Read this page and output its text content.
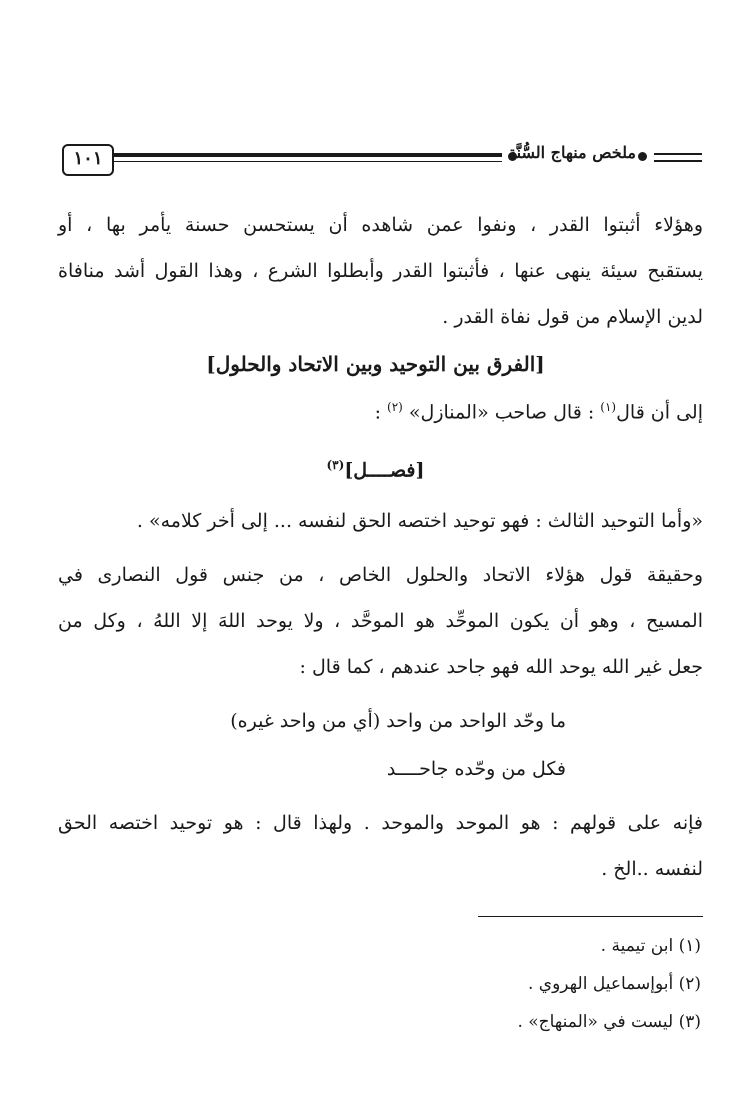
١٠١	ملخص منهاج السُّنَّة
وهؤلاء أثبتوا القدر ، ونفوا عمن شاهده أن يستحسن حسنة يأمر بها ، أو
يستقبح سيئة ينهى عنها ، فأثبتوا القدر وأبطلوا الشرع ، وهذا القول أشد منافاة
لدين الإسلام من قول نفاة القدر .
[الفرق بين التوحيد وبين الاتحاد والحلول]
إلى أن قال$^{(١)}$ : قال صاحب «المنازل» $^{(٢)}$ :
[فصــــل]$^{(٣)}$
«وأما التوحيد الثالث : فهو توحيد اختصه الحق لنفسه ... إلى أخر كلامه» .
وحقيقة قول هؤلاء الاتحاد والحلول الخاص ، من جنس قول النصارى في
المسيح ، وهو أن يكون الموحِّد هو الموحَّد ، ولا يوحد اللهَ إلا اللهُ ، وكل من
جعل غير الله يوحد الله فهو جاحد عندهم ، كما قال :
ما وحّد الواحد من واحد (أي من واحد غيره)
فكل من وحّده جاحــــد
فإنه على قولهم : هو الموحد والموحد . ولهذا قال : هو توحيد اختصه الحق
لنفسه ..الخ .
(١) ابن تيمية .
(٢) أبوإسماعيل الهروي .
(٣) ليست في «المنهاج» .
